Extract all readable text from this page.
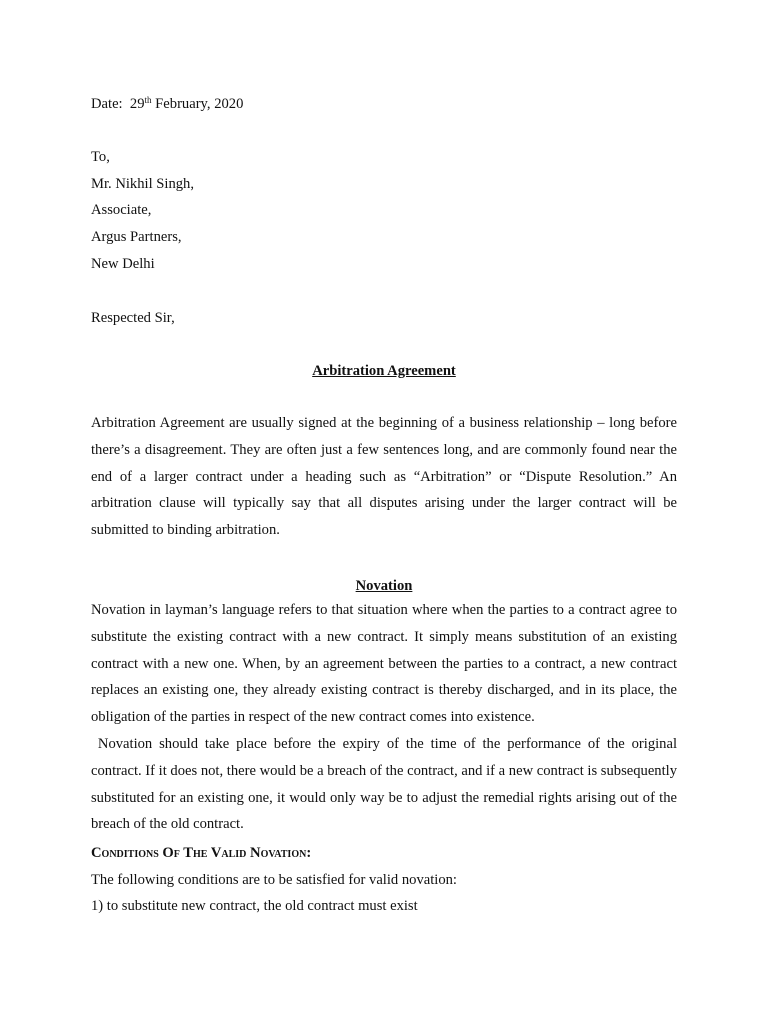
Date: 29th February, 2020
To,
Mr. Nikhil Singh,
Associate,
Argus Partners,
New Delhi
Respected Sir,
Arbitration Agreement

Arbitration Agreement are usually signed at the beginning of a business relationship – long before there’s a disagreement. They are often just a few sentences long, and are commonly found near the end of a larger contract under a heading such as “Arbitration” or “Dispute Resolution.” An arbitration clause will typically say that all disputes arising under the larger contract will be submitted to binding arbitration.

Novation

Novation in layman’s language refers to that situation where when the parties to a contract agree to substitute the existing contract with a new contract. It simply means substitution of an existing contract with a new one. When, by an agreement between the parties to a contract, a new contract replaces an existing one, they already existing contract is thereby discharged, and in its place, the obligation of the parties in respect of the new contract comes into existence.

Novation should take place before the expiry of the time of the performance of the original contract. If it does not, there would be a breach of the contract, and if a new contract is subsequently substituted for an existing one, it would only way be to adjust the remedial rights arising out of the breach of the old contract.

Conditions Of The Valid Novation:
The following conditions are to be satisfied for valid novation:
1) to substitute new contract, the old contract must exist
